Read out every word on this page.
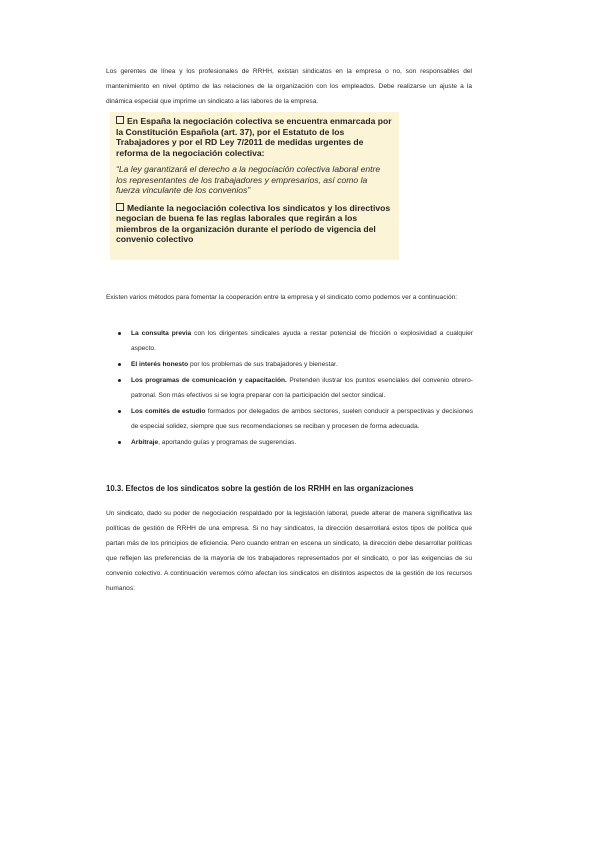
Los gerentes de línea y los profesionales de RRHH, existan sindicatos en la empresa o no, son responsables del mantenimiento en nivel óptimo de las relaciones de la organización con los empleados. Debe realizarse un ajuste a la dinámica especial que imprime un sindicato a las labores de la empresa.

En España la negociación colectiva se encuentra enmarcada por la Constitución Española (art. 37), por el Estatuto de los Trabajadores y por el RD Ley 7/2011 de medidas urgentes de reforma de la negociación colectiva:

“La ley garantizará el derecho a la negociación colectiva laboral entre los representantes de los trabajadores y empresarios, así como la fuerza vinculante de los convenios”

Mediante la negociación colectiva los sindicatos y los directivos negocian de buena fe las reglas laborales que regirán a los miembros de la organización durante el período de vigencia del convenio colectivo

Existen varios métodos para fomentar la cooperación entre la empresa y el sindicato como podemos ver a continuación:

La consulta previa con los dirigentes sindicales ayuda a restar potencial de fricción o explosividad a cualquier aspecto.
El interés honesto por los problemas de sus trabajadores y bienestar.
Los programas de comunicación y capacitación. Pretenden ilustrar los puntos esenciales del convenio obrero-patronal. Son más efectivos si se logra preparar con la participación del sector sindical.
Los comités de estudio formados por delegados de ambos sectores, suelen conducir a perspectivas y decisiones de especial solidez, siempre que sus recomendaciones se reciban y procesen de forma adecuada.
Arbitraje, aportando guías y programas de sugerencias.
10.3. Efectos de los sindicatos sobre la gestión de los RRHH en las organizaciones

Un sindicato, dado su poder de negociación respaldado por la legislación laboral, puede alterar de manera significativa las políticas de gestión de RRHH de una empresa. Si no hay sindicatos, la dirección desarrollará estos tipos de política que partan más de los principios de eficiencia. Pero cuando entran en escena un sindicato, la dirección debe desarrollar políticas que reflejen las preferencias de la mayoría de los trabajadores representados por el sindicato, o por las exigencias de su convenio colectivo. A continuación veremos cómo afectan los sindicatos en distintos aspectos de la gestión de los recursos humanos:
